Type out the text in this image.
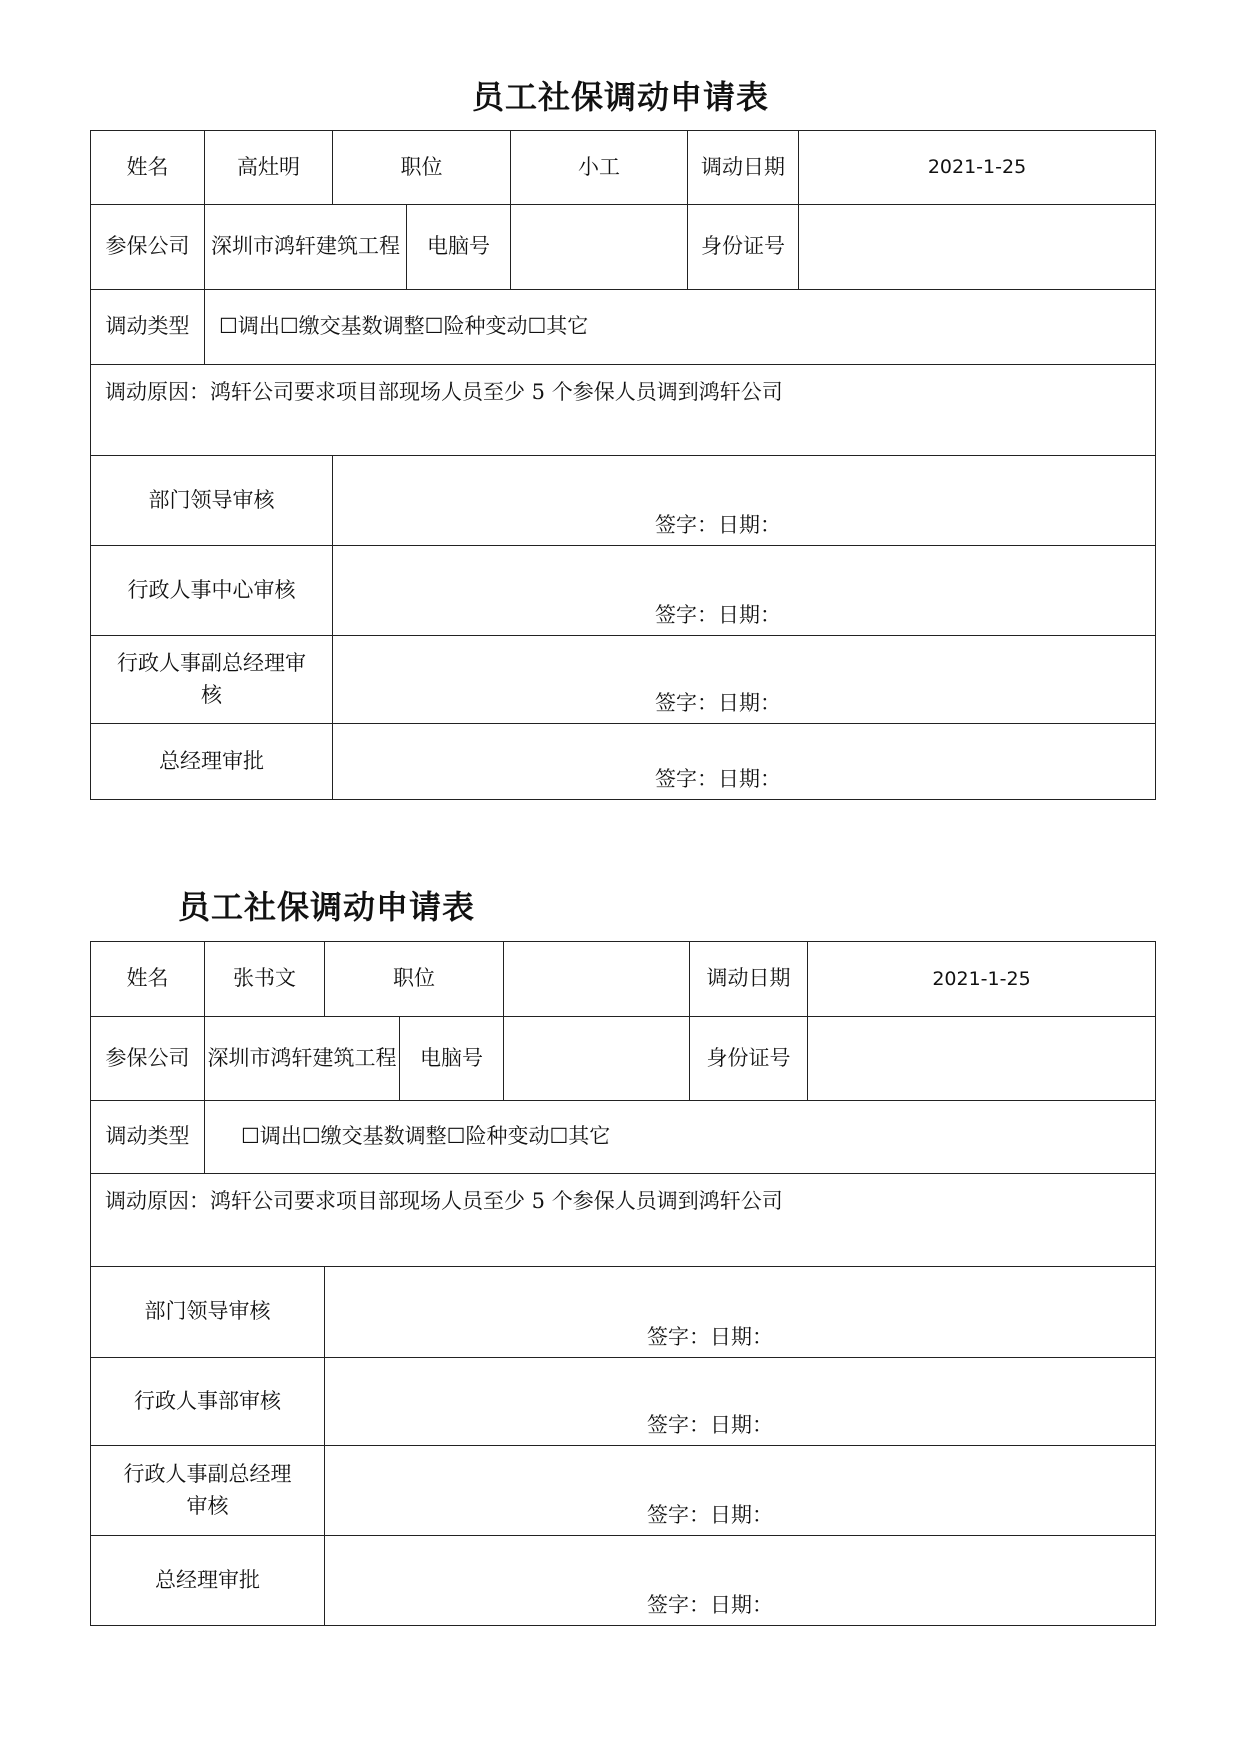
员工社保调动申请表
姓名	高灶明	职位		小工	调动日期	2021-1-25
参保公司	深圳市鸿轩建筑工程		电脑号		身份证号	
调动类型	☐调出☐缴交基数调整☐险种变动☐其它					
调动原因：鸿轩公司要求项目部现场人员至少 5 个参保人员调到鸿轩公司						
部门领导审核		签字：日期：				

行政人事中心审核		签字：日期：				

行政人事副总经理审核		签字：日期：				

总经理审批		签字：日期：				
员工社保调动申请表
姓名	张书文	职位			调动日期	2021-1-25
参保公司	深圳市鸿轩建筑工程		电脑号		身份证号	
调动类型	☐调出☐缴交基数调整☐险种变动☐其它					
调动原因：鸿轩公司要求项目部现场人员至少 5 个参保人员调到鸿轩公司						
部门领导审核		签字：日期：				

行政人事部审核		签字：日期：				

行政人事副总经理审核		签字：日期：				

总经理审批		签字：日期：				
